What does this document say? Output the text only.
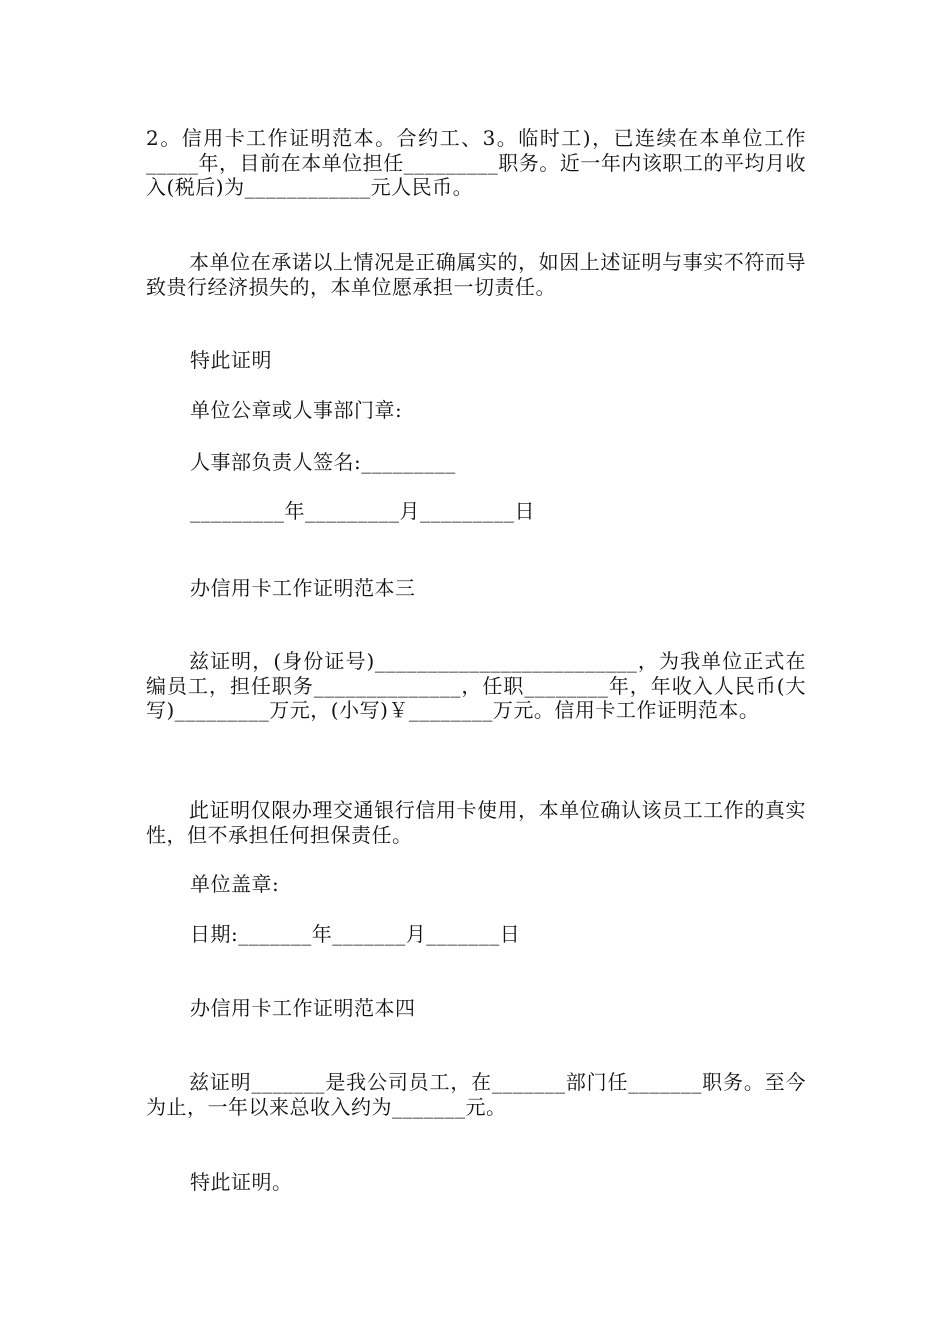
2。信用卡工作证明范本。合约工、3。临时工)，已连续在本单位工作_____年，目前在本单位担任_________职务。近一年内该职工的平均月收入(税后)为____________元人民币。

本单位在承诺以上情况是正确属实的，如因上述证明与事实不符而导致贵行经济损失的，本单位愿承担一切责任。

特此证明

单位公章或人事部门章:

人事部负责人签名:_________

_________年_________月_________日

办信用卡工作证明范本三

兹证明，(身份证号)_________________________，为我单位正式在编员工，担任职务______________，任职________年，年收入人民币(大写)_________万元，(小写)￥________万元。信用卡工作证明范本。

此证明仅限办理交通银行信用卡使用，本单位确认该员工工作的真实性，但不承担任何担保责任。

单位盖章:

日期:_______年_______月_______日

办信用卡工作证明范本四

兹证明_______是我公司员工，在_______部门任_______职务。至今为止，一年以来总收入约为_______元。

特此证明。
